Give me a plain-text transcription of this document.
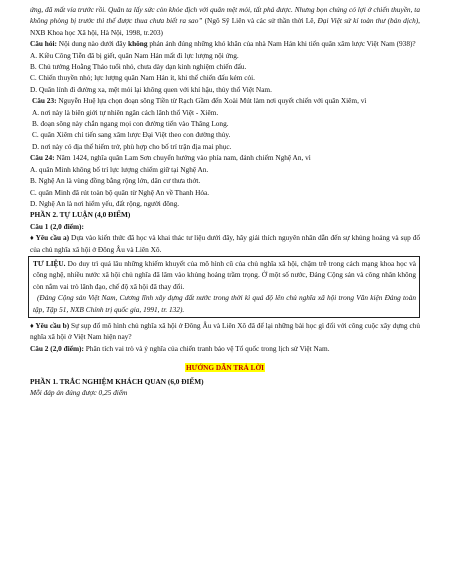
ứng, đã mất vía trước rồi. Quân ta lấy sức còn khỏe địch với quân mệt mỏi, tất phá được. Nhưng bọn chúng có lợi ở chiến thuyền, ta không phòng bị trước thì thế được thua chưa biết ra sao” (Ngô Sỹ Liên và các sử thần thời Lê, Đại Việt sử kí toàn thư (bản dịch), NXB Khoa học Xã hội, Hà Nội, 1998, tr.203)

Câu hỏi: Nội dung nào dưới đây không phản ánh đúng những khó khăn của nhà Nam Hán khi tiến quân xâm lược Việt Nam (938)?

A. Kiều Công Tiễn đã bị giết, quân Nam Hán mất đi lực lượng nội ứng.

B. Chủ tướng Hoằng Tháo tuổi nhỏ, chưa dày dạn kinh nghiệm chiến đấu.

C. Chiến thuyền nhỏ; lực lượng quân Nam Hán ít, khi thế chiến đấu kém cỏi.

D. Quân lính đi đường xa, mệt mỏi lại không quen với khí hậu, thủy thổ Việt Nam.

Câu 23: Nguyễn Huệ lựa chọn đoạn sông Tiền từ Rạch Gầm đến Xoài Mút làm nơi quyết chiến với quân Xiêm, vì

A. nơi này là biên giới tự nhiên ngăn cách lãnh thổ Việt - Xiêm.

B. đoạn sông này chắn ngang mọi con đường tiến vào Thăng Long.

C. quân Xiêm chỉ tiến sang xâm lược Đại Việt theo con đường thủy.

D. nơi này có địa thế hiểm trở, phù hợp cho bố trí trận địa mai phục.

Câu 24: Năm 1424, nghĩa quân Lam Sơn chuyển hướng vào phía nam, đánh chiếm Nghệ An, vì

A. quân Minh không bố trí lực lượng chiếm giữ tại Nghệ An.

B. Nghệ An là vùng đồng bằng rộng lớn, dân cư thưa thớt.

C. quân Minh đã rút toàn bộ quân từ Nghệ An về Thanh Hóa.

D. Nghệ An là nơi hiểm yếu, đất rộng, người đông.

PHẦN 2. TỰ LUẬN (4,0 ĐIỂM)

Câu 1 (2,0 điểm):

♦ Yêu cầu a) Dựa vào kiến thức đã học và khai thác tư liệu dưới đây, hãy giải thích nguyên nhân dẫn đến sự khủng hoảng và sụp đổ của chủ nghĩa xã hội ở Đông Âu và Liên Xô.

TƯ LIỆU. Do duy trì quá lâu những khiếm khuyết của mô hình cũ của chủ nghĩa xã hội, chậm trễ trong cách mạng khoa học và công nghệ, nhiều nước xã hội chủ nghĩa đã lâm vào khủng hoảng trầm trọng. Ở một số nước, Đảng Cộng sản và công nhân không còn nắm vai trò lãnh đạo, chế độ xã hội đã thay đổi.

(Đảng Cộng sản Việt Nam, Cương lĩnh xây dựng đất nước trong thời kì quá độ lên chủ nghĩa xã hội trong Văn kiện Đảng toàn tập, Tập 51, NXB Chính trị quốc gia, 1991, tr. 132).

♦ Yêu cầu b) Sự sụp đổ mô hình chủ nghĩa xã hội ở Đông Âu và Liên Xô đã để lại những bài học gì đối với công cuộc xây dựng chủ nghĩa xã hội ở Việt Nam hiện nay?

Câu 2 (2,0 điểm): Phân tích vai trò và ý nghĩa của chiến tranh bảo vệ Tổ quốc trong lịch sử Việt Nam.

HƯỚNG DẪN TRẢ LỜI

PHẦN 1. TRẮC NGHIỆM KHÁCH QUAN (6,0 ĐIỂM)

Mỗi đáp án đúng được 0,25 điểm
